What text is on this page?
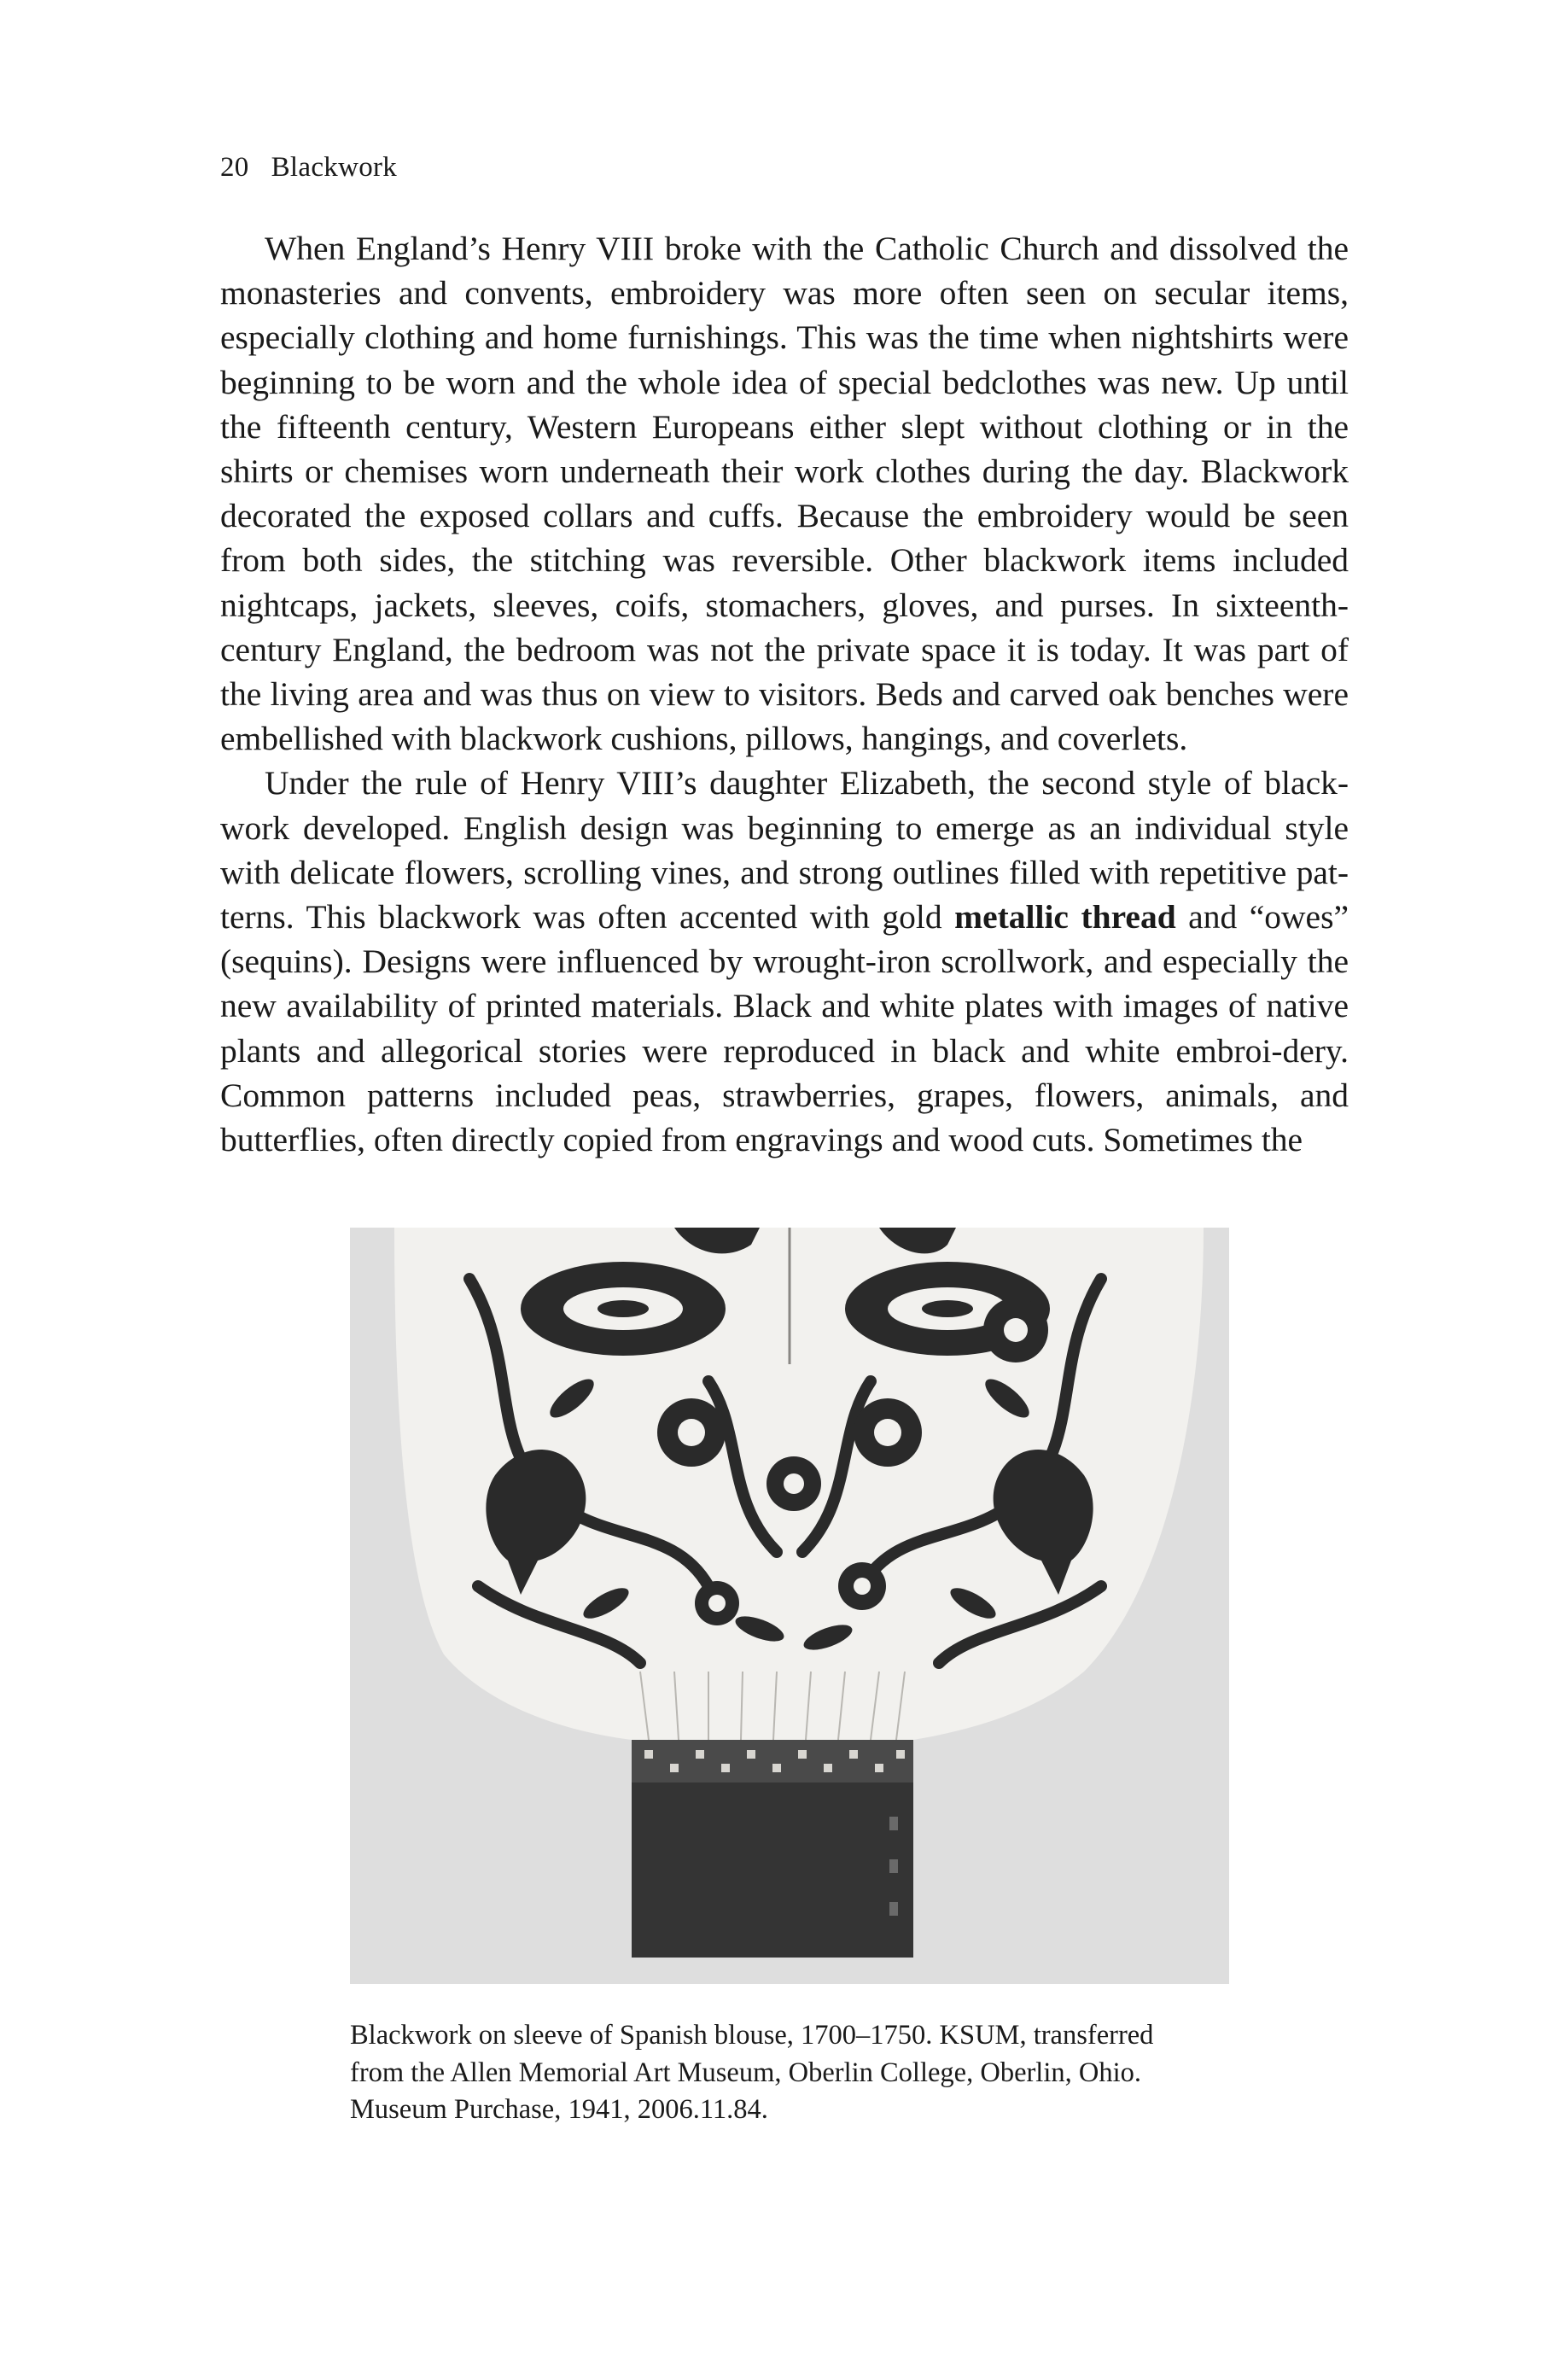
20 Blackwork

When England’s Henry VIII broke with the Catholic Church and dissolved the monasteries and convents, embroidery was more often seen on secular items, especially clothing and home furnishings. This was the time when nightshirts were beginning to be worn and the whole idea of special bedclothes was new. Up until the fifteenth century, Western Europeans either slept without clothing or in the shirts or chemises worn underneath their work clothes during the day. Blackwork decorated the exposed collars and cuffs. Because the embroidery would be seen from both sides, the stitching was reversible. Other blackwork items included nightcaps, jackets, sleeves, coifs, stomachers, gloves, and purses. In sixteenth-century England, the bedroom was not the private space it is today. It was part of the living area and was thus on view to visitors. Beds and carved oak benches were embellished with blackwork cushions, pillows, hangings, and coverlets.

Under the rule of Henry VIII’s daughter Elizabeth, the second style of black-work developed. English design was beginning to emerge as an individual style with delicate flowers, scrolling vines, and strong outlines filled with repetitive pat-terns. This blackwork was often accented with gold metallic thread and “owes” (sequins). Designs were influenced by wrought-iron scrollwork, and especially the new availability of printed materials. Black and white plates with images of native plants and allegorical stories were reproduced in black and white embroi-dery. Common patterns included peas, strawberries, grapes, flowers, animals, and butterflies, often directly copied from engravings and wood cuts. Sometimes the

Blackwork on sleeve of Spanish blouse, 1700–1750. KSUM, transferred
from the Allen Memorial Art Museum, Oberlin College, Oberlin, Ohio.
Museum Purchase, 1941, 2006.11.84.
